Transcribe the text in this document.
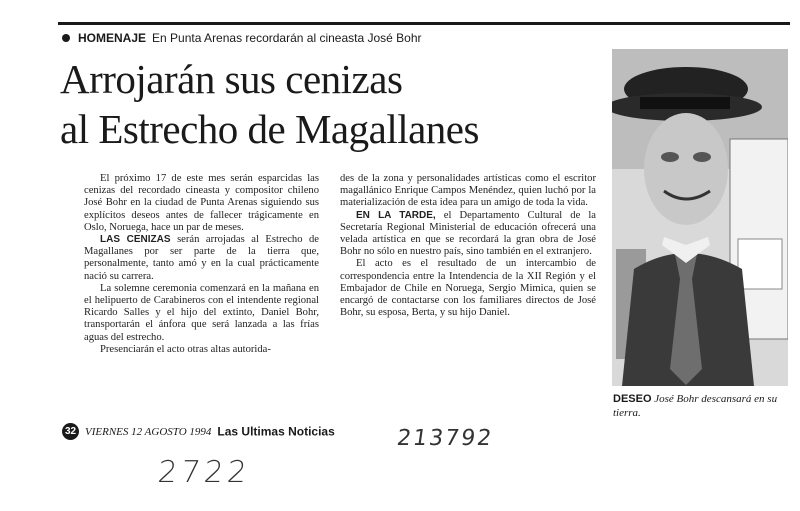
HOMENAJE En Punta Arenas recordarán al cineasta José Bohr
Arrojarán sus cenizas
al Estrecho de Magallanes

El próximo 17 de este mes serán esparcidas las cenizas del recordado cineasta y compositor chileno José Bohr en la ciudad de Punta Arenas siguiendo sus explícitos deseos antes de fallecer trágicamente en Oslo, Noruega, hace un par de meses.

LAS CENIZAS serán arrojadas al Estrecho de Magallanes por ser parte de la tierra que, personalmente, tanto amó y en la cual prácticamente nació su carrera.

La solemne ceremonia comenzará en la mañana en el helipuerto de Carabineros con el intendente regional Ricardo Salles y el hijo del extinto, Daniel Bohr, transportarán el ánfora que será lanzada a las frías aguas del estrecho.

Presenciarán el acto otras altas autorida-

des de la zona y personalidades artísticas como el escritor magallánico Enrique Campos Menéndez, quien luchó por la materialización de esta idea para un amigo de toda la vida.

EN LA TARDE, el Departamento Cultural de la Secretaría Regional Ministerial de educación ofrecerá una velada artística en que se recordará la gran obra de José Bohr no sólo en nuestro país, sino también en el extranjero.

El acto es el resultado de un intercambio de correspondencia entre la Intendencia de la XII Región y el Embajador de Chile en Noruega, Sergio Mimica, quien se encargó de contactarse con los familiares directos de José Bohr, su esposa, Berta, y su hijo Daniel.

DESEO José Bohr descansará en su tierra.
32 VIERNES 12 AGOSTO 1994 Las Ultimas Noticias	213792
2722
